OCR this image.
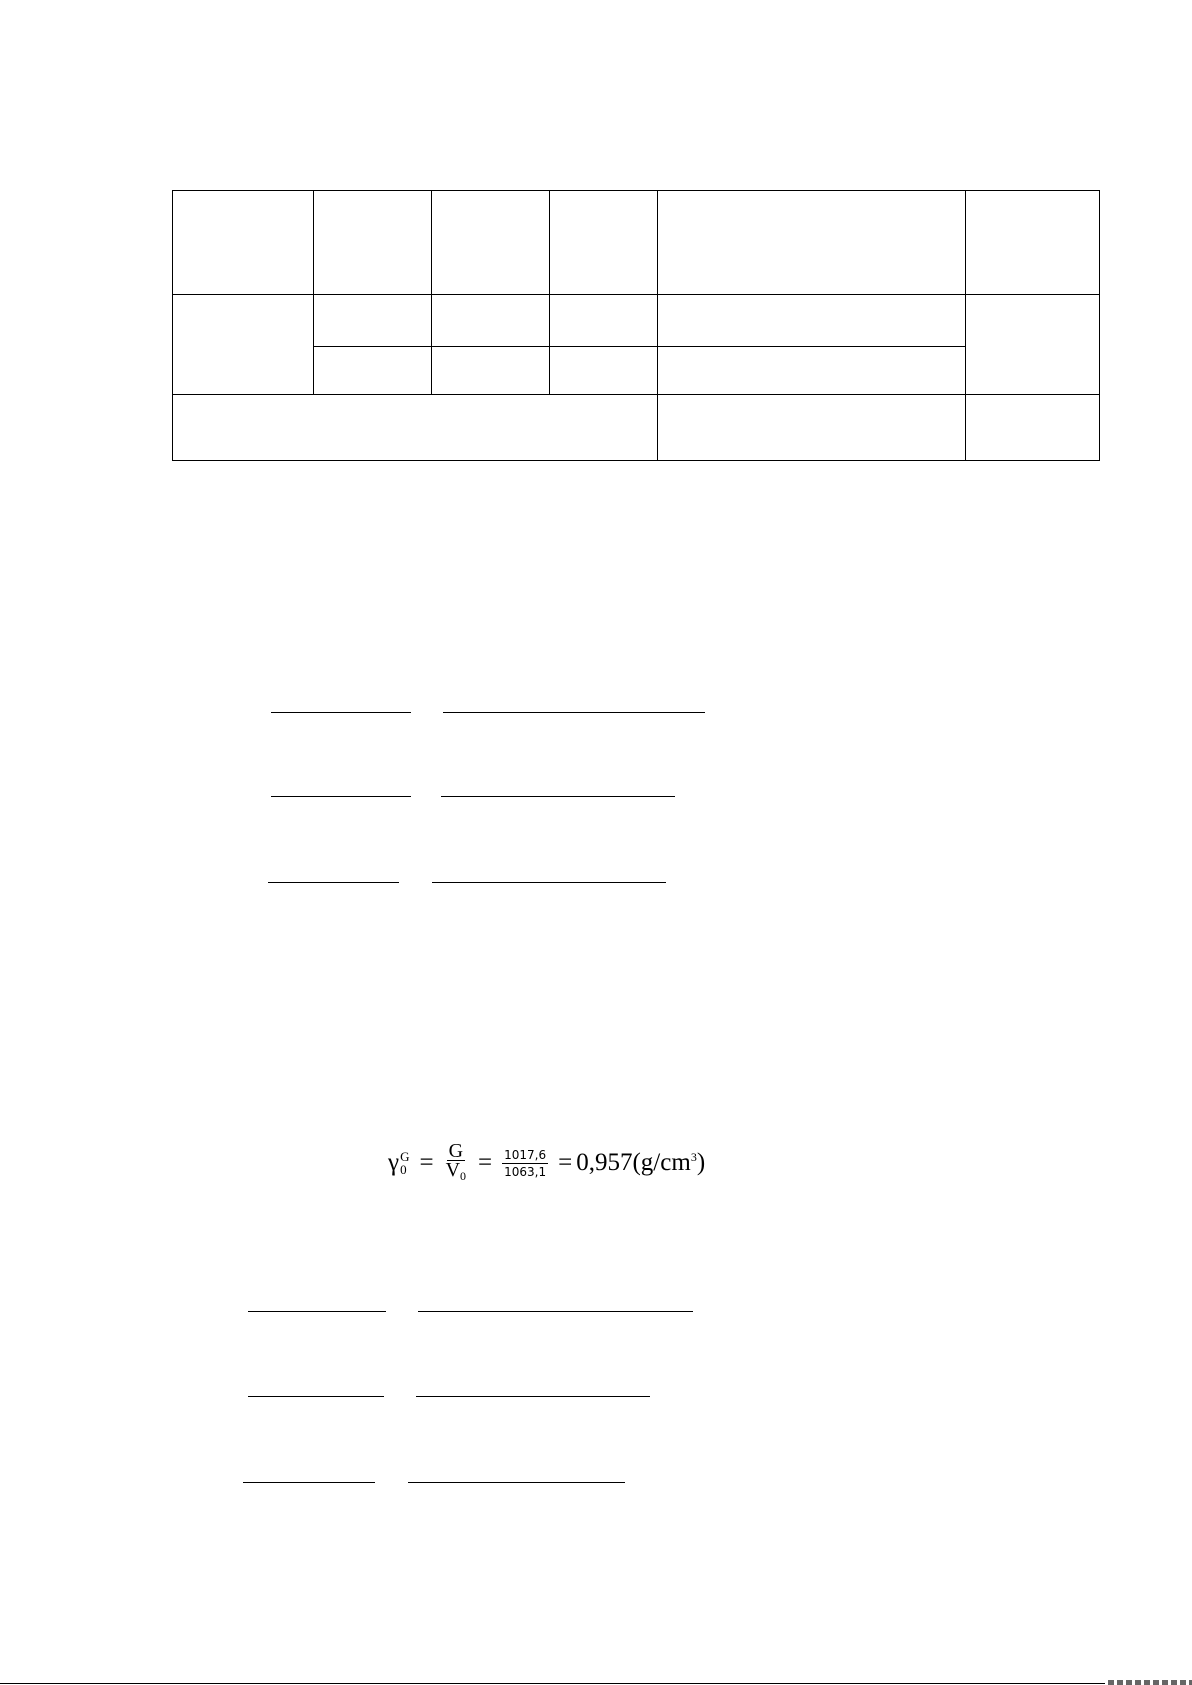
γ G
$0 = \frac{G}{V_0} = \frac{1017,6}{1063,1} = 0,957$ $(g/cm^3)$
